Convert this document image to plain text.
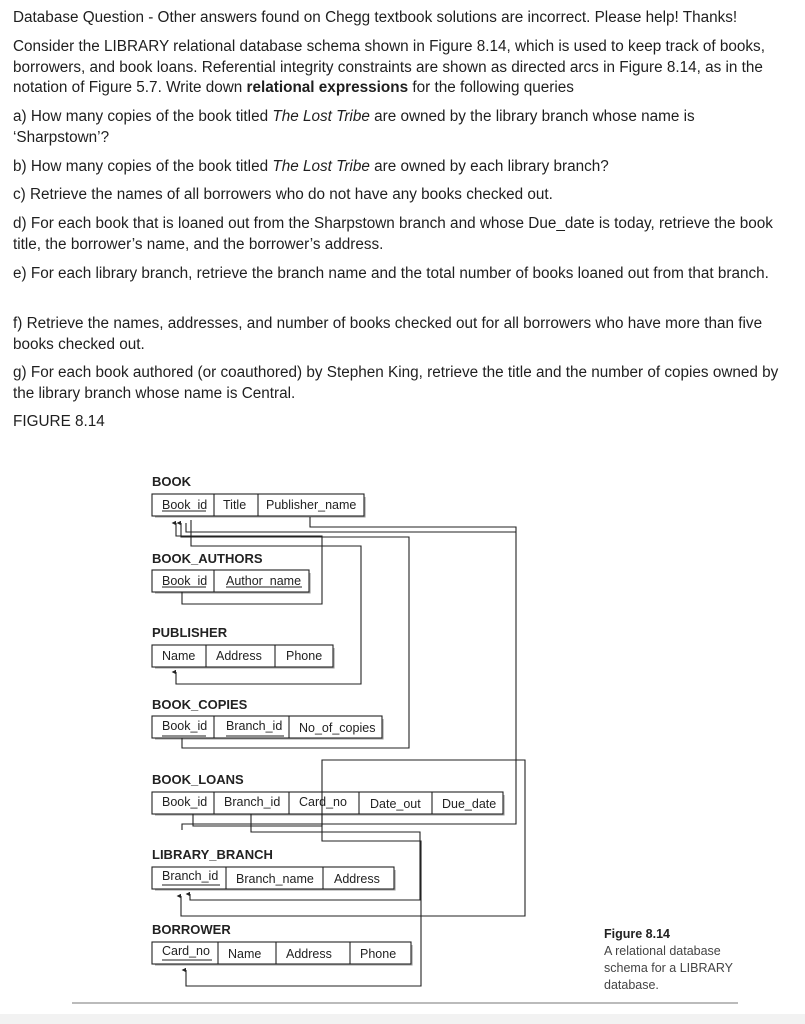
Database Question - Other answers found on Chegg textbook solutions are incorrect. Please help! Thanks!
Consider the LIBRARY relational database schema shown in Figure 8.14, which is used to keep track of books, borrowers, and book loans. Referential integrity constraints are shown as directed arcs in Figure 8.14, as in the notation of Figure 5.7. Write down relational expressions for the following queries
a) How many copies of the book titled The Lost Tribe are owned by the library branch whose name is ‘Sharpstown’?
b) How many copies of the book titled The Lost Tribe are owned by each library branch?
c) Retrieve the names of all borrowers who do not have any books checked out.
d) For each book that is loaned out from the Sharpstown branch and whose Due_date is today, retrieve the book title, the borrower’s name, and the borrower’s address.
e) For each library branch, retrieve the branch name and the total number of books loaned out from that branch.
f) Retrieve the names, addresses, and number of books checked out for all borrowers who have more than five books checked out.
g) For each book authored (or coauthored) by Stephen King, retrieve the title and the number of copies owned by the library branch whose name is Central.
FIGURE 8.14
BOOK
BOOK_AUTHORS
PUBLISHER
BOOK_COPIES
BOOK_LOANS
LIBRARY_BRANCH
BORROWER
Book_id Title Publisher_name
Book_id Author_name
Name Address Phone
Book_id Branch_id No_of_copies
Book_id Branch_id Card_no Date_out Due_date
Branch_id Branch_name Address
Card_no Name Address Phone
Figure 8.14
A relational database
schema for a LIBRARY
database.
